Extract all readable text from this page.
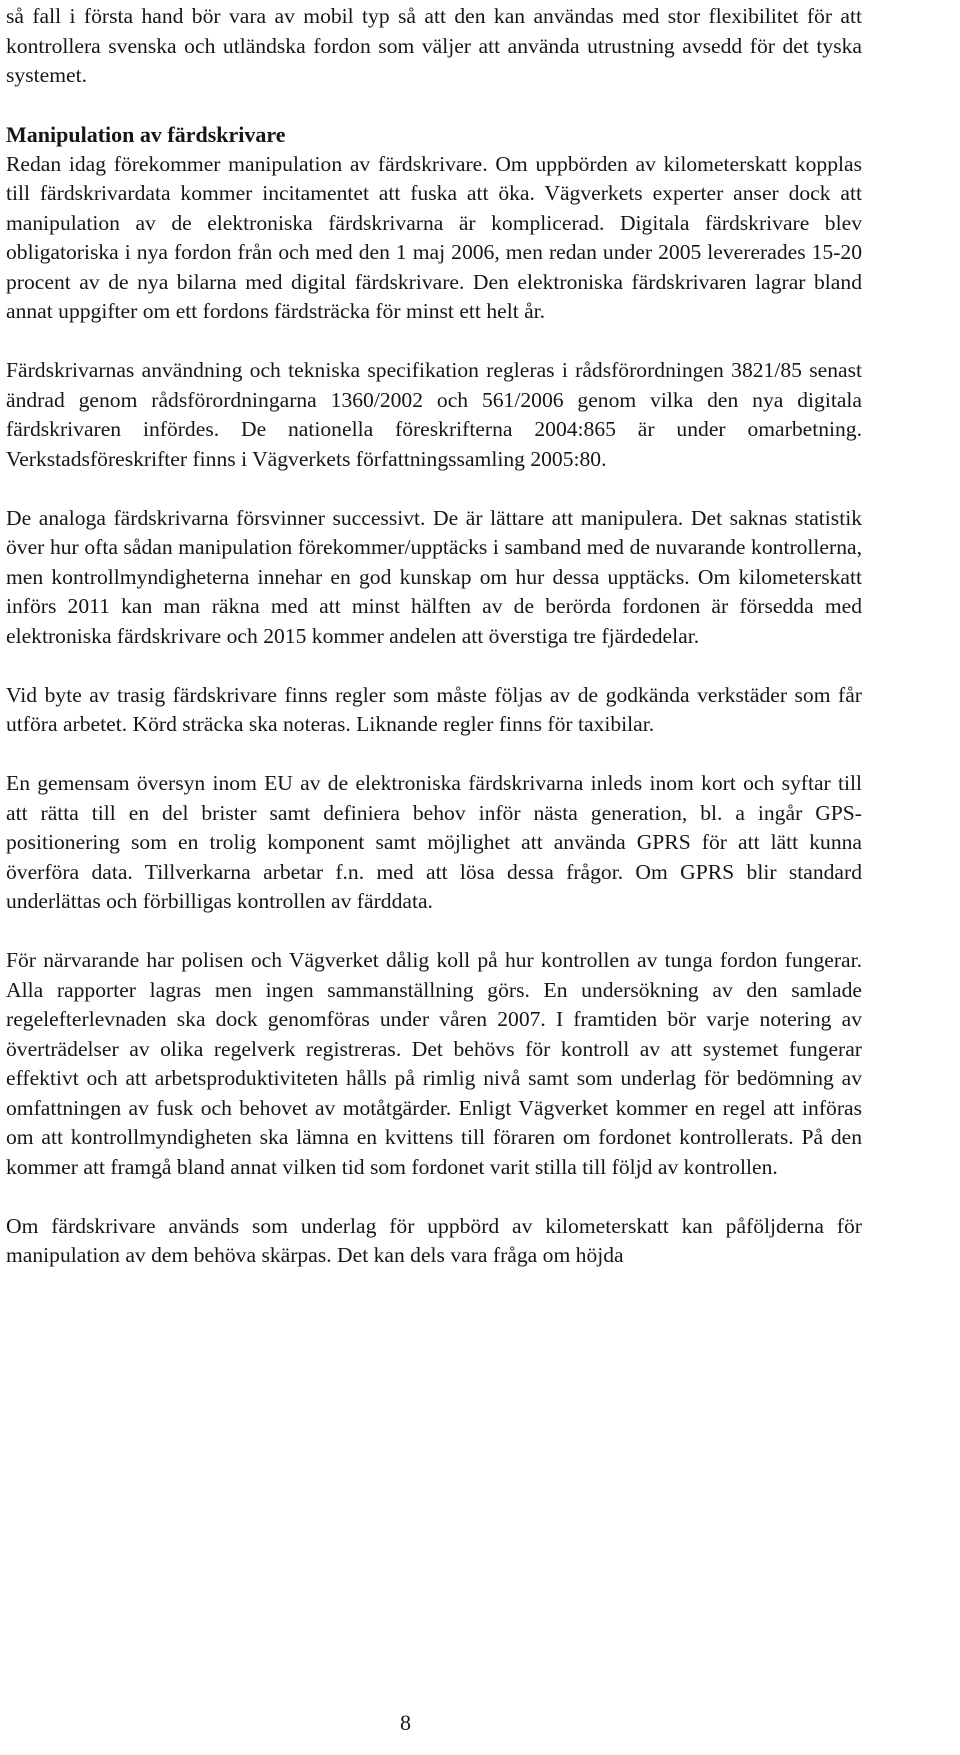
så fall i första hand bör vara av mobil typ så att den kan användas med stor flexibilitet för att kontrollera svenska och utländska fordon som väljer att använda utrustning avsedd för det tyska systemet.

Manipulation av färdskrivare
Redan idag förekommer manipulation av färdskrivare. Om uppbörden av kilometerskatt kopplas till färdskrivardata kommer incitamentet att fuska att öka. Vägverkets experter anser dock att manipulation av de elektroniska färdskrivarna är komplicerad. Digitala färdskrivare blev obligatoriska i nya fordon från och med den 1 maj 2006, men redan under 2005 levererades 15-20 procent av de nya bilarna med digital färdskrivare. Den elektroniska färdskrivaren lagrar bland annat uppgifter om ett fordons färdsträcka för minst ett helt år.

Färdskrivarnas användning och tekniska specifikation regleras i rådsförordningen 3821/85 senast ändrad genom rådsförordningarna 1360/2002 och 561/2006 genom vilka den nya digitala färdskrivaren infördes. De nationella föreskrifterna 2004:865 är under omarbetning. Verkstadsföreskrifter finns i Vägverkets författningssamling 2005:80.

De analoga färdskrivarna försvinner successivt. De är lättare att manipulera. Det saknas statistik över hur ofta sådan manipulation förekommer/upptäcks i samband med de nuvarande kontrollerna, men kontrollmyndigheterna innehar en god kunskap om hur dessa upptäcks. Om kilometerskatt införs 2011 kan man räkna med att minst hälften av de berörda fordonen är försedda med elektroniska färdskrivare och 2015 kommer andelen att överstiga tre fjärdedelar.

Vid byte av trasig färdskrivare finns regler som måste följas av de godkända verkstäder som får utföra arbetet. Körd sträcka ska noteras. Liknande regler finns för taxibilar.

En gemensam översyn inom EU av de elektroniska färdskrivarna inleds inom kort och syftar till att rätta till en del brister samt definiera behov inför nästa generation, bl. a ingår GPS-positionering som en trolig komponent samt möjlighet att använda GPRS för att lätt kunna överföra data. Tillverkarna arbetar f.n. med att lösa dessa frågor. Om GPRS blir standard underlättas och förbilligas kontrollen av färddata.

För närvarande har polisen och Vägverket dålig koll på hur kontrollen av tunga fordon fungerar. Alla rapporter lagras men ingen sammanställning görs. En undersökning av den samlade regelefterlevnaden ska dock genomföras under våren 2007. I framtiden bör varje notering av överträdelser av olika regelverk registreras. Det behövs för kontroll av att systemet fungerar effektivt och att arbetsproduktiviteten hålls på rimlig nivå samt som underlag för bedömning av omfattningen av fusk och behovet av motåtgärder. Enligt Vägverket kommer en regel att införas om att kontrollmyndigheten ska lämna en kvittens till föraren om fordonet kontrollerats. På den kommer att framgå bland annat vilken tid som fordonet varit stilla till följd av kontrollen.

Om färdskrivare används som underlag för uppbörd av kilometerskatt kan påföljderna för manipulation av dem behöva skärpas. Det kan dels vara fråga om höjda

8
